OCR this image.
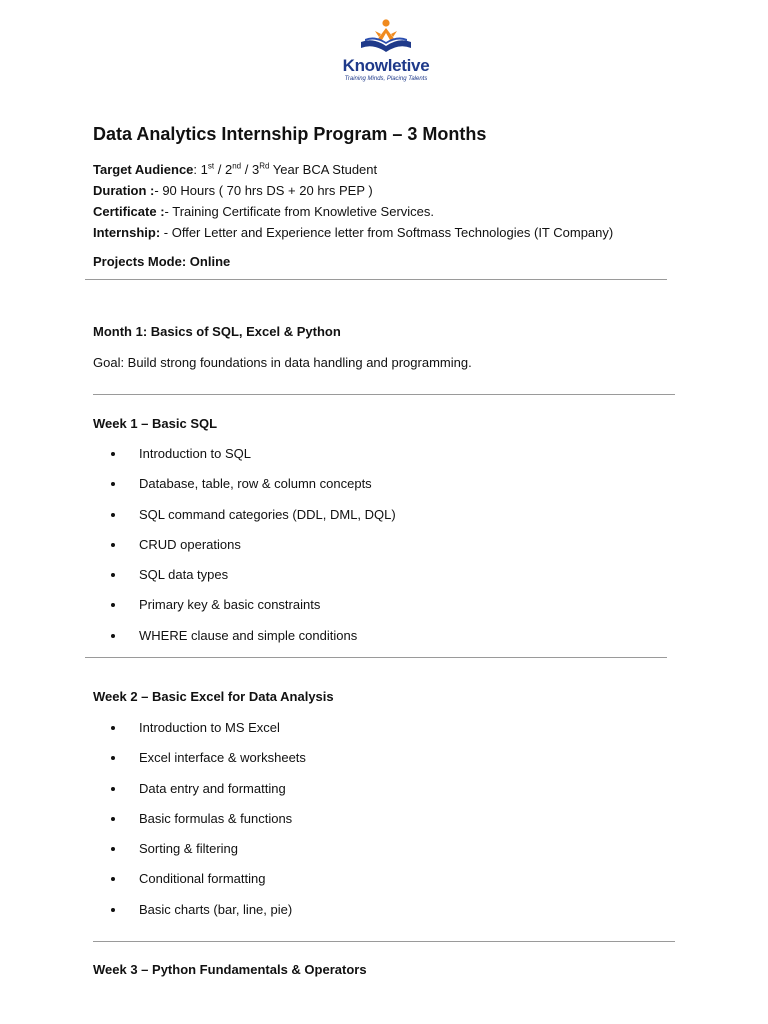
Knowletive
Training Minds, Placing Talents
Data Analytics Internship Program – 3 Months
Target Audience: 1st / 2nd / 3Rd Year BCA Student
Duration :- 90 Hours ( 70 hrs DS + 20 hrs PEP )
Certificate :- Training Certificate from Knowletive Services.
Internship: - Offer Letter and Experience letter from Softmass Technologies (IT Company)
Projects Mode: Online
Month 1: Basics of SQL, Excel & Python
Goal: Build strong foundations in data handling and programming.
Week 1 – Basic SQL
Introduction to SQL
Database, table, row & column concepts
SQL command categories (DDL, DML, DQL)
CRUD operations
SQL data types
Primary key & basic constraints
WHERE clause and simple conditions
Week 2 – Basic Excel for Data Analysis
Introduction to MS Excel
Excel interface & worksheets
Data entry and formatting
Basic formulas & functions
Sorting & filtering
Conditional formatting
Basic charts (bar, line, pie)
Week 3 – Python Fundamentals & Operators
